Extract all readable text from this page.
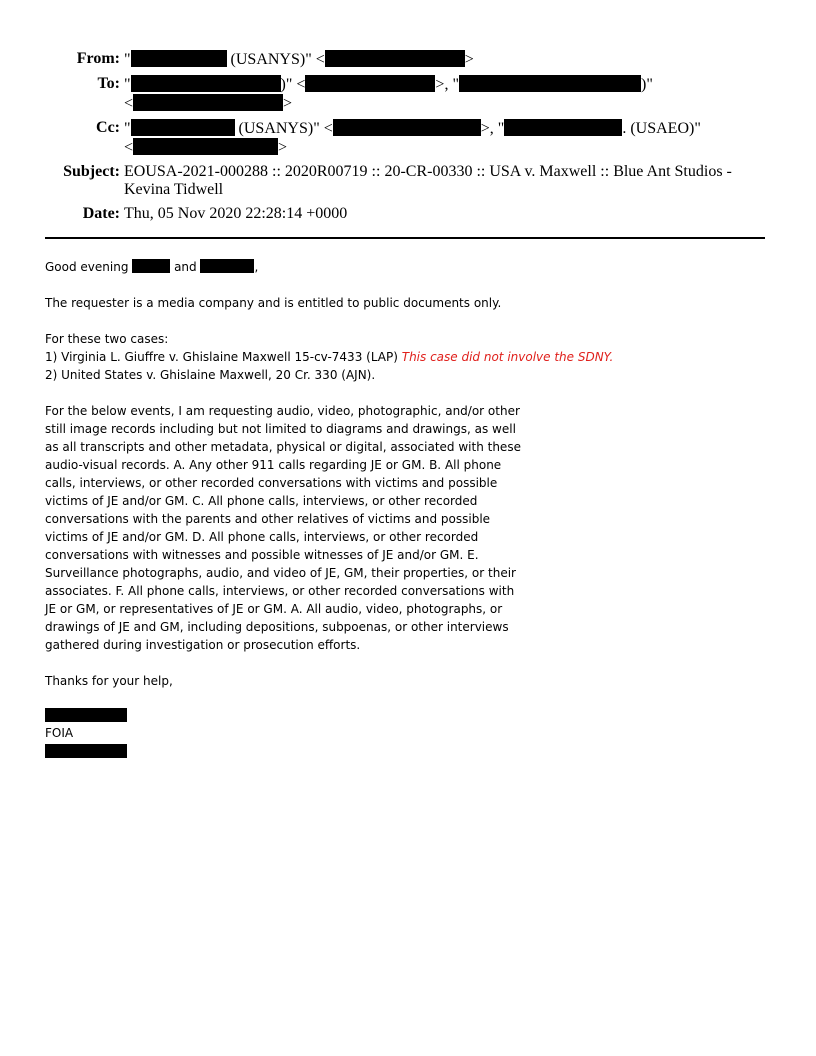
From: "	(USANYS)" <	>
To: "	)" <	>, "	)"
<	>
Cc: "	(USANYS)" <	>, "	. (USAEO)"
<	>
Subject: EOUSA-2021-000288 :: 2020R00719 :: 20-CR-00330 :: USA v. Maxwell :: Blue Ant Studios - Kevina Tidwell
Date: Thu, 05 Nov 2020 22:28:14 +0000

Good evening	and	,

The requester is a media company and is entitled to public documents only.

For these two cases:
1) Virginia L. Giuffre v. Ghislaine Maxwell 15-cv-7433 (LAP) This case did not involve the SDNY.
2) United States v. Ghislaine Maxwell, 20 Cr. 330 (AJN).

For the below events, I am requesting audio, video, photographic, and/or other still image records including but not limited to diagrams and drawings, as well as all transcripts and other metadata, physical or digital, associated with these audio-visual records. A. Any other 911 calls regarding JE or GM. B. All phone calls, interviews, or other recorded conversations with victims and possible victims of JE and/or GM. C. All phone calls, interviews, or other recorded conversations with the parents and other relatives of victims and possible victims of JE and/or GM. D. All phone calls, interviews, or other recorded conversations with witnesses and possible witnesses of JE and/or GM. E. Surveillance photographs, audio, and video of JE, GM, their properties, or their associates. F. All phone calls, interviews, or other recorded conversations with JE or GM, or representatives of JE or GM. A. All audio, video, photographs, or drawings of JE and GM, including depositions, subpoenas, or other interviews gathered during investigation or prosecution efforts.

Thanks for your help,

FOIA
